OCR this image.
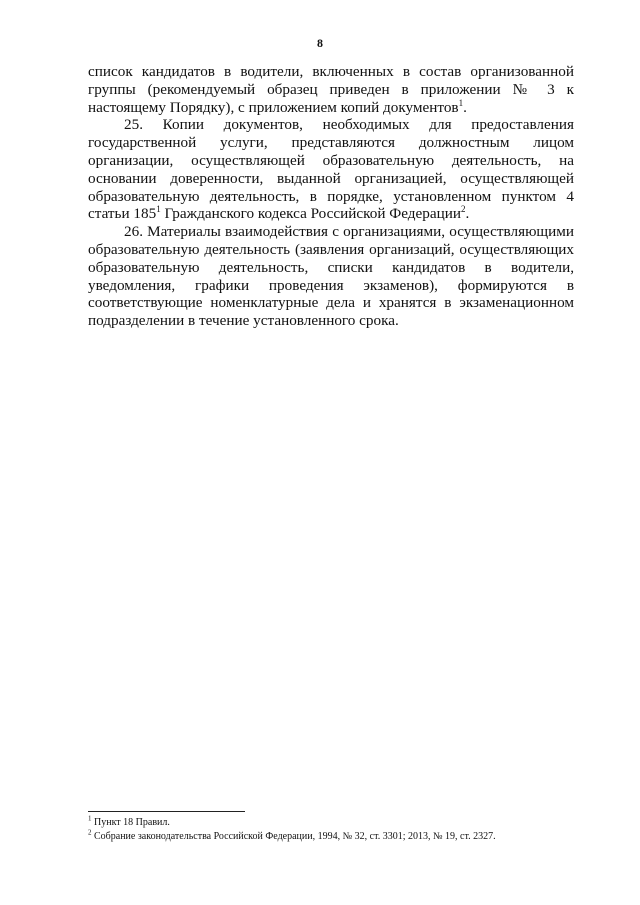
8

список кандидатов в водители, включенных в состав организованной группы (рекомендуемый образец приведен в приложении № 3 к настоящему Порядку), с приложением копий документов$^1$.

25. Копии документов, необходимых для предоставления государственной услуги, представляются должностным лицом организации, осуществляющей образовательную деятельность, на основании доверенности, выданной организацией, осуществляющей образовательную деятельность, в порядке, установленном пунктом 4 статьи $185^1$ Гражданского кодекса Российской Федерации$^2$.

26. Материалы взаимодействия с организациями, осуществляющими образовательную деятельность (заявления организаций, осуществляющих образовательную деятельность, списки кандидатов в водители, уведомления, графики проведения экзаменов), формируются в соответствующие номенклатурные дела и хранятся в экзаменационном подразделении в течение установленного срока.

$^1$ Пункт 18 Правил.

$^2$ Собрание законодательства Российской Федерации, 1994, № 32, ст. 3301; 2013, № 19, ст. 2327.
